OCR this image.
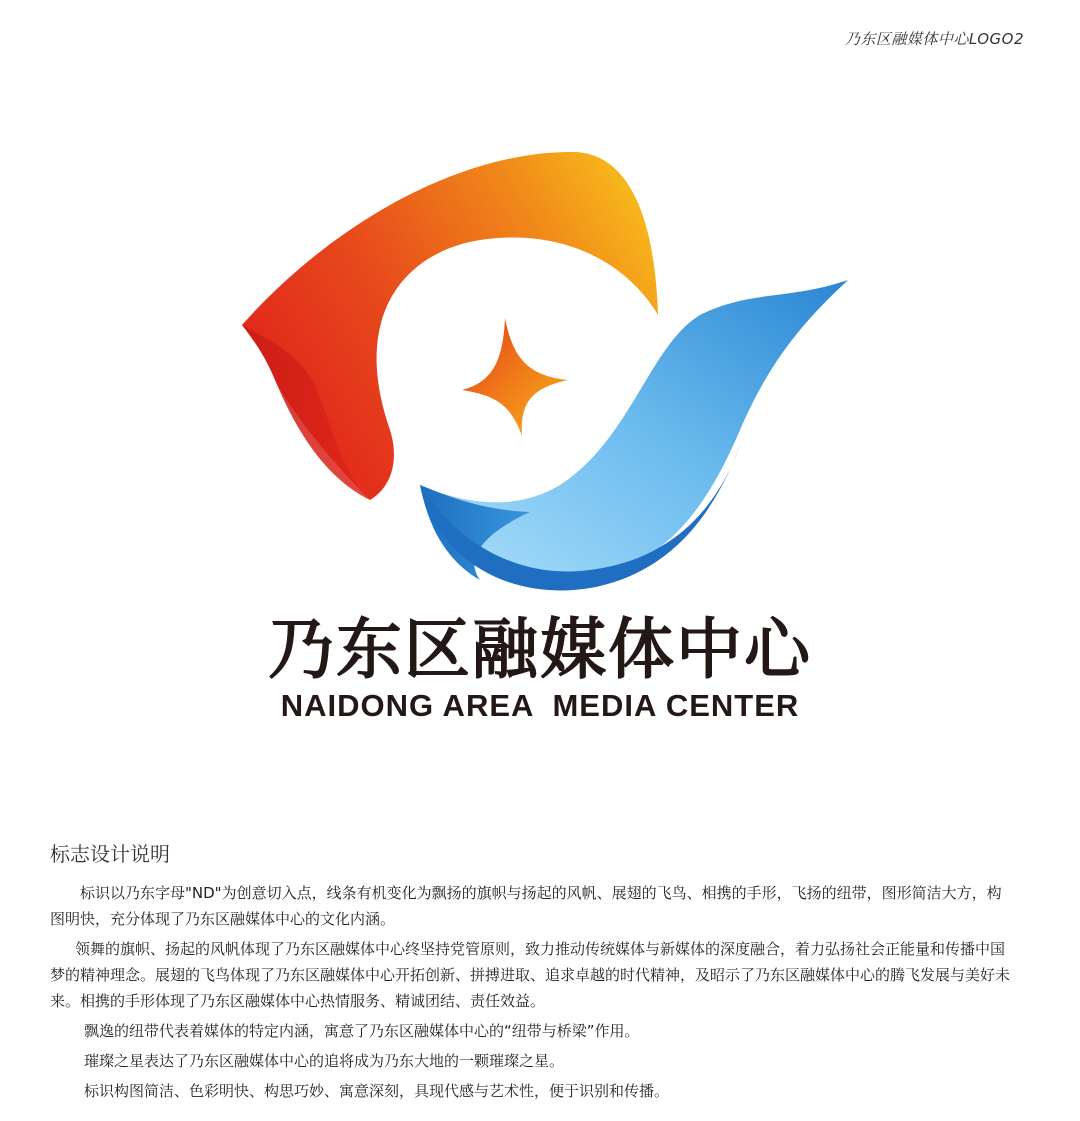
乃东区融媒体中心LOGO2
乃东区融媒体中心
NAIDONG AREA  MEDIA CENTER
标志设计说明

标识以乃东字母"ND"为创意切入点，线条有机变化为飘扬的旗帜与扬起的风帆、展翅的飞鸟、相携的手形，飞扬的纽带，图形简洁大方，构图明快，充分体现了乃东区融媒体中心的文化内涵。

领舞的旗帜、扬起的风帆体现了乃东区融媒体中心终坚持党管原则，致力推动传统媒体与新媒体的深度融合，着力弘扬社会正能量和传播中国梦的精神理念。展翅的飞鸟体现了乃东区融媒体中心开拓创新、拼搏进取、追求卓越的时代精神，及昭示了乃东区融媒体中心的腾飞发展与美好未来。相携的手形体现了乃东区融媒体中心热情服务、精诚团结、责任效益。

飘逸的纽带代表着媒体的特定内涵，寓意了乃东区融媒体中心的“纽带与桥梁”作用。

璀璨之星表达了乃东区融媒体中心的追将成为乃东大地的一颗璀璨之星。

标识构图简洁、色彩明快、构思巧妙、寓意深刻，具现代感与艺术性，便于识别和传播。
